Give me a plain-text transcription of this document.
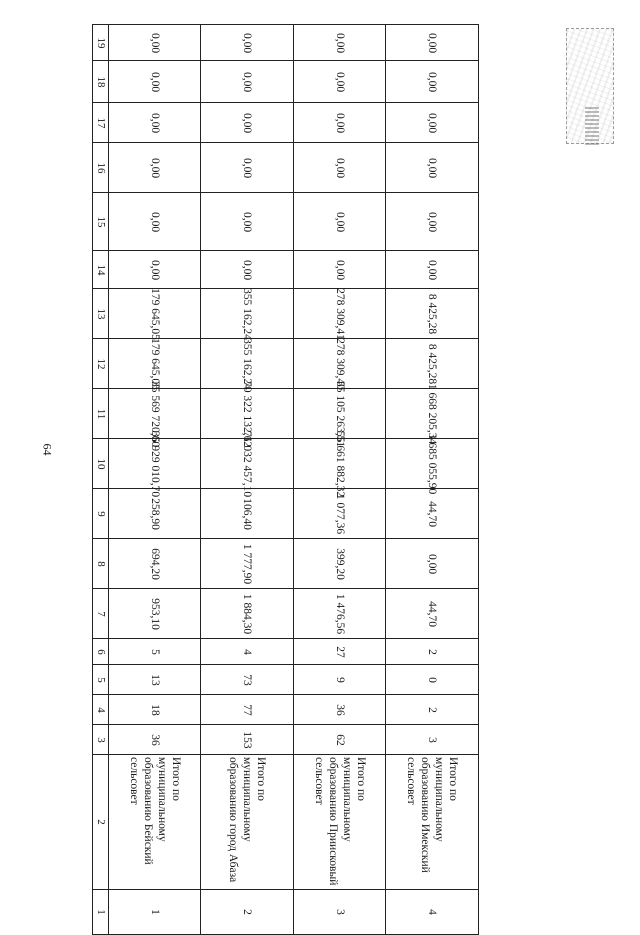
64
19	0,00	0,00	0,00	0,00

18	0,00	0,00	0,00	0,00

17	0,00	0,00	0,00	0,00

16	0,00	0,00	0,00	0,00

15	0,00	0,00	0,00	0,00

14	0,00	0,00	0,00	0,00

13	179 645,05	355 162,24	278 309,41	8 425,28

12	179 645,05	355 162,24	278 309,40	8 425,28

11	35 569 720,60	70 322 132,62	55 105 263,51	1 668 205,34

10	35 929 010,70	71 032 457,10	55 661 882,32	1 685 055,90

9	258,90	106,40	1 077,36	44,70

8	694,20	1 777,90	399,20	0,00

7	953,10	1 884,30	1 476,56	44,70

6	5	4	27	2

5	13	73	9	0

4	18	77	36	2

3	36	153	62	3

2	Итого по муниципальному образованию Бейский сельсовет	Итого по муниципальному образованию город Абаза	Итого по муниципальному образованию Приисковый сельсовет	Итого по муниципальному образованию Имекский сельсовет

1	1	2	3	4
